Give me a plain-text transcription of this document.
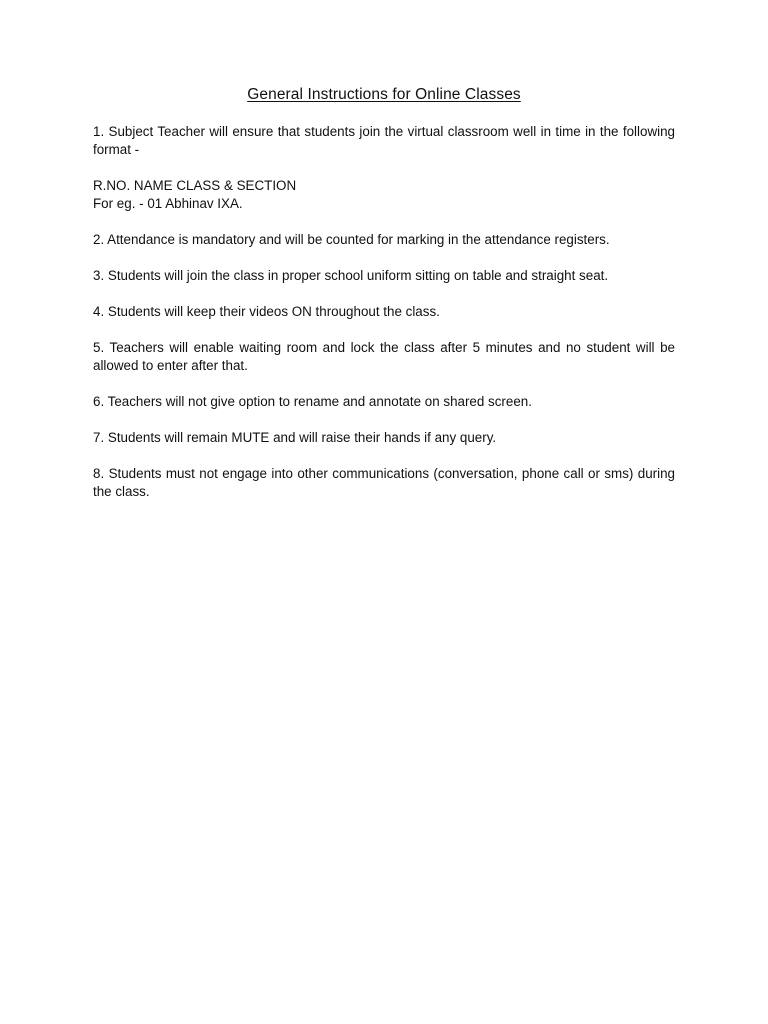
General Instructions for Online Classes

1. Subject Teacher will ensure that students join the virtual classroom well in time in the following format -

R.NO. NAME CLASS & SECTION
For eg. - 01 Abhinav IXA.

2. Attendance is mandatory and will be counted for marking in the attendance registers.

3. Students will join the class in proper school uniform sitting on table and straight seat.

4. Students will keep their videos ON throughout the class.

5. Teachers will enable waiting room and lock the class after 5 minutes and no student will be allowed to enter after that.

6. Teachers will not give option to rename and annotate on shared screen.

7. Students will remain MUTE and will raise their hands if any query.

8. Students must not engage into other communications (conversation, phone call or sms) during the class.
